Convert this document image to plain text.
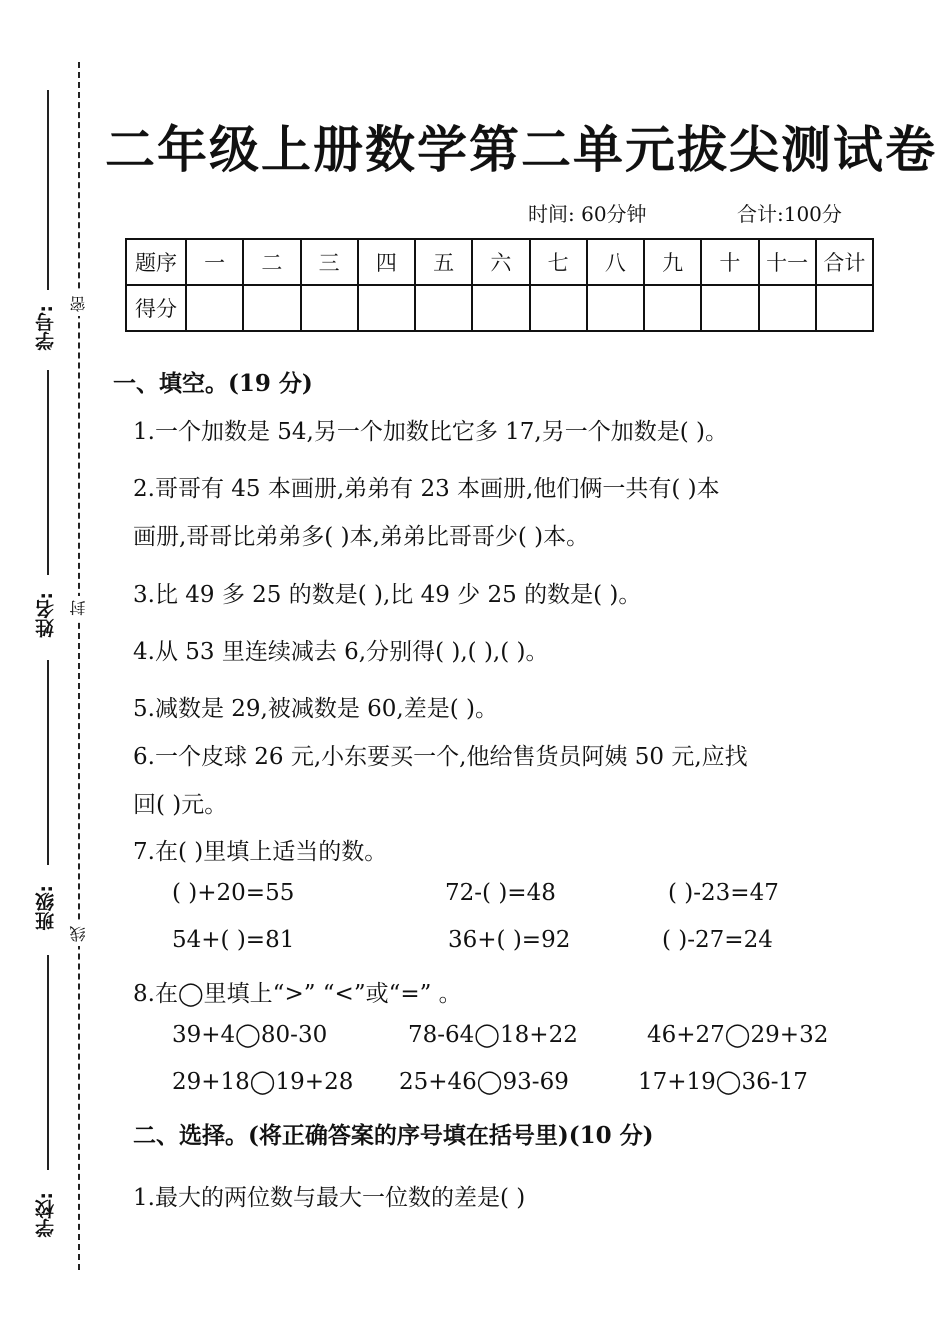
学号:
姓名:
班级:
学校:
密
封
线
二年级上册数学第二单元拔尖测试卷
时间: 60分钟	合计:100分
题序	一	二	三	四	五	六	七	八	九	十	十一	合计
得分												
一、填空。(19 分)
1.一个加数是 54,另一个加数比它多 17,另一个加数是( )。
2.哥哥有 45 本画册,弟弟有 23 本画册,他们俩一共有( )本
画册,哥哥比弟弟多( )本,弟弟比哥哥少( )本。
3.比 49 多 25 的数是( ),比 49 少 25 的数是( )。
4.从 53 里连续减去 6,分别得( ),( ),( )。
5.减数是 29,被减数是 60,差是( )。
6.一个皮球 26 元,小东要买一个,他给售货员阿姨 50 元,应找
回( )元。
7.在( )里填上适当的数。
( )+20=55	72-( )=48	( )-23=47
54+( )=81	36+( )=92	( )-27=24
8.在◯里填上“>” “<”或“=” 。
39+4◯80-30	78-64◯18+22	46+27◯29+32
29+18◯19+28 25+46◯93-69	17+19◯36-17
二、选择。(将正确答案的序号填在括号里)(10 分)
1.最大的两位数与最大一位数的差是( )
